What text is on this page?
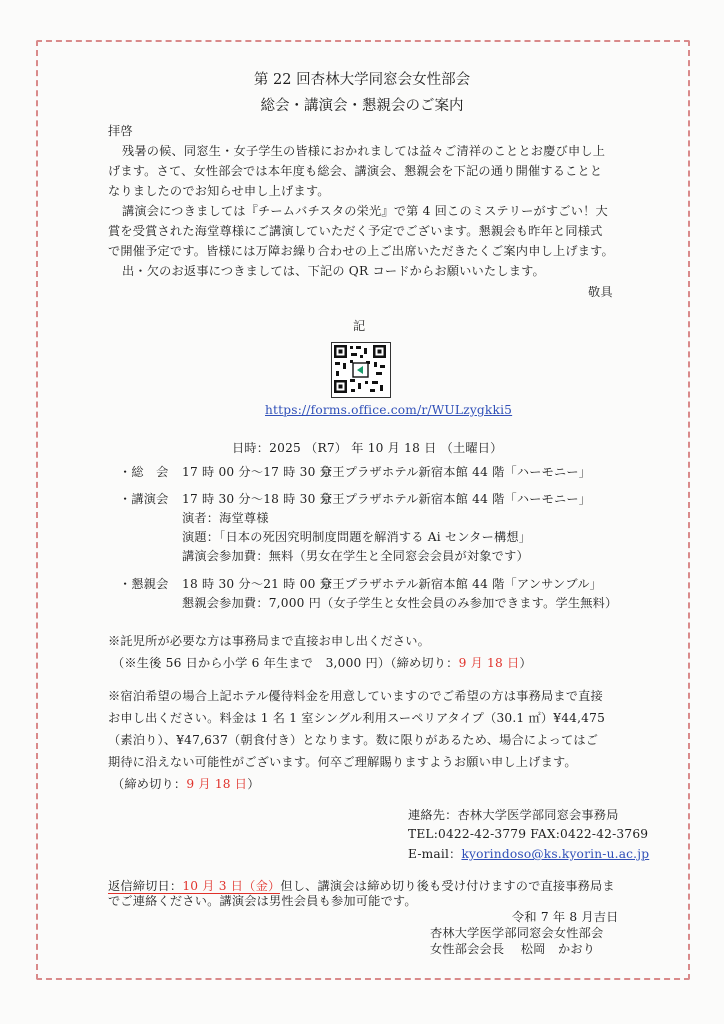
第 22 回杏林大学同窓会女性部会
総会・講演会・懇親会のご案内
拝啓
残暑の候、同窓生・女子学生の皆様におかれましては益々ご清祥のこととお慶び申し上
げます。さて、女性部会では本年度も総会、講演会、懇親会を下記の通り開催することと
なりましたのでお知らせ申し上げます。
講演会につきましては『チームバチスタの栄光』で第 4 回このミステリーがすごい！大
賞を受賞された海堂尊様にご講演していただく予定でございます。懇親会も昨年と同様式
で開催予定です。皆様には万障お繰り合わせの上ご出席いただきたくご案内申し上げます。
出・欠のお返事につきましては、下記の QR コードからお願いいたします。
敬具
記
https://forms.office.com/r/WULzygkki5
日時：2025 （R7） 年 10 月 18 日 （土曜日）
・総　会 17 時 00 分～17 時 30 分
京王プラザホテル新宿本館 44 階「ハーモニー」
・講演会 17 時 30 分～18 時 30 分
京王プラザホテル新宿本館 44 階「ハーモニー」
演者：海堂尊様
演題：「日本の死因究明制度問題を解消する Ai センター構想」
講演会参加費：無料（男女在学生と全同窓会会員が対象です）
・懇親会 18 時 30 分～21 時 00 分
京王プラザホテル新宿本館 44 階「アンサンブル」
懇親会参加費：7,000 円（女子学生と女性会員のみ参加できます。学生無料）
※託児所が必要な方は事務局まで直接お申し出ください。
（※生後 56 日から小学 6 年生まで　3,000 円）（締め切り：9 月 18 日）
※宿泊希望の場合上記ホテル優待料金を用意していますのでご希望の方は事務局まで直接
お申し出ください。料金は 1 名 1 室シングル利用スーペリアタイプ（30.1 ㎡）¥44,475
（素泊り）、¥47,637（朝食付き）となります。数に限りがあるため、場合によってはご
期待に沿えない可能性がございます。何卒ご理解賜りますようお願い申し上げます。
（締め切り：9 月 18 日）
連絡先：杏林大学医学部同窓会事務局
TEL:0422-42-3779 FAX:0422-42-3769
E-mail：kyorindoso@ks.kyorin-u.ac.jp
返信締切日：10 月 3 日（金）但し、講演会は締め切り後も受け付けますので直接事務局ま
でご連絡ください。講演会は男性会員も参加可能です。
令和 7 年 8 月吉日
杏林大学医学部同窓会女性部会
女性部会会長　 松岡　かおり
